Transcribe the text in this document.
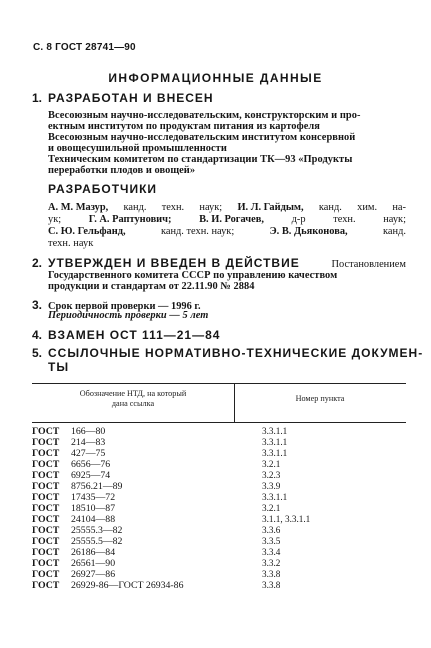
С. 8 ГОСТ 28741—90
ИНФОРМАЦИОННЫЕ ДАННЫЕ
1. РАЗРАБОТАН И ВНЕСЕН
Всесоюзным научно-исследовательским, конструкторским и про-
ектным институтом по продуктам питания из картофеля
Всесоюзным научно-исследовательским институтом консервной
и овощесушильной промышленности
Техническим комитетом по стандартизации ТК—93 «Продукты
переработки плодов и овощей»
РАЗРАБОТЧИКИ
А. М. Мазур, канд. техн. наук; И. Л. Гайдым, канд. хим. на-
ук;	Г. А. Раптунович;	В. И. Рогачев,	д-р	техн.	наук;
С. Ю. Гельфанд,	канд. техн. наук;	Э. В. Дьяконова,	канд.
техн. наук
2. УТВЕРЖДЕН И ВВЕДЕН В ДЕЙСТВИЕ	Постановлением
Государственного комитета СССР по управлению качеством
продукции и стандартам от 22.11.90 № 2884
3. Срок первой проверки — 1996 г.
Периодичность проверки — 5 лет
4. ВЗАМЕН ОСТ 111—21—84
5. ССЫЛОЧНЫЕ НОРМАТИВНО-ТЕХНИЧЕСКИЕ ДОКУМЕН-
ТЫ
Обозначение НТД, на который
дана ссылка
Номер пункта
ГОСТ 166—80	3.3.1.1
ГОСТ 214—83	3.3.1.1
ГОСТ 427—75	3.3.1.1
ГОСТ 6656—76	3.2.1
ГОСТ 6925—74	3.2.3
ГОСТ 8756.21—89	3.3.9
ГОСТ 17435—72	3.3.1.1
ГОСТ 18510—87	3.2.1
ГОСТ 24104—88	3.1.1, 3.3.1.1
ГОСТ 25555.3—82	3.3.6
ГОСТ 25555.5—82	3.3.5
ГОСТ 26186—84	3.3.4
ГОСТ 26561—90	3.3.2
ГОСТ 26927—86	3.3.8
ГОСТ 26929-86—ГОСТ 26934-86	3.3.8
